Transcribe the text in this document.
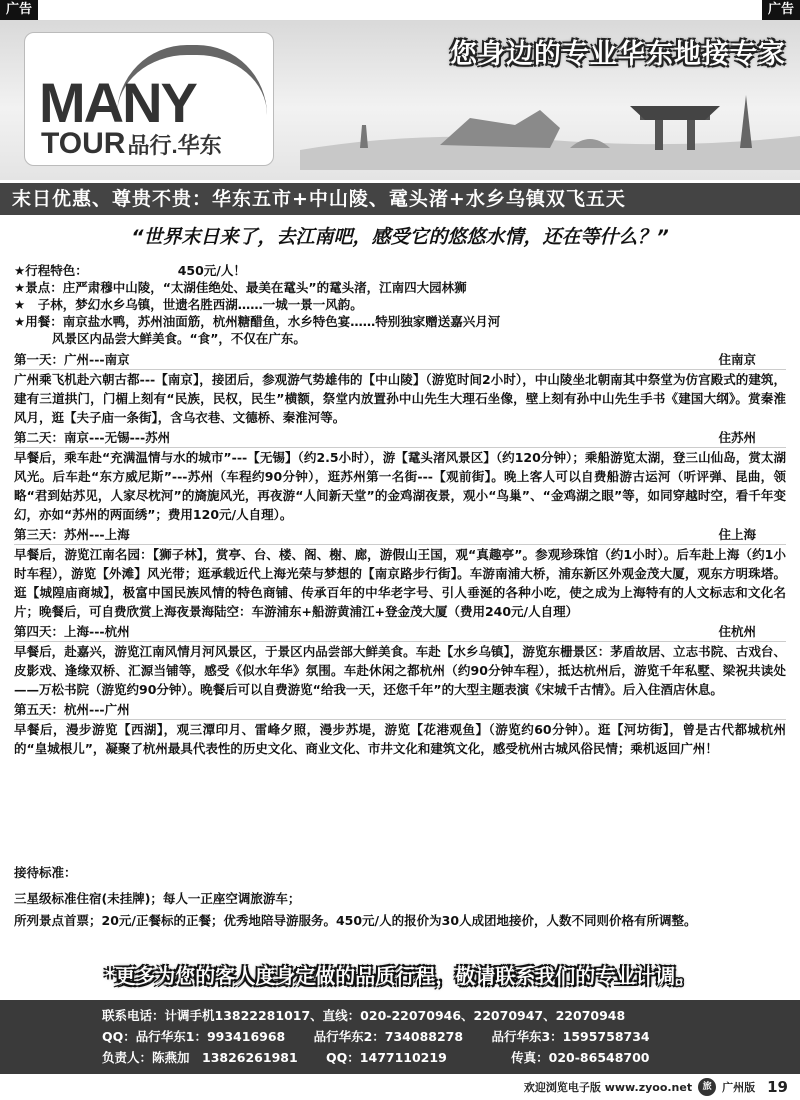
广告	广告
MANY
TOUR品行.华东
您身边的专业华东地接专家
末日优惠、尊贵不贵：华东五市+中山陵、鼋头渚+水乡乌镇双飞五天
“世界末日来了，去江南吧，感受它的悠悠水情，还在等什么？”
★行程特色：	450元/人！
★景点：庄严肃穆中山陵，“太湖佳绝处、最美在鼋头”的鼋头渚，江南四大园林狮
★　子林，梦幻水乡乌镇，世遗名胜西湖……一城一景一风韵。
★用餐：南京盐水鸭，苏州油面筋，杭州糖醋鱼，水乡特色宴……特别独家赠送嘉兴月河
风景区内品尝大鲜美食。“食”，不仅在广东。
第一天：广州---南京	住南京
广州乘飞机赴六朝古都---【南京】，接团后，参观游气势雄伟的【中山陵】（游览时间2小时），中山陵坐北朝南其中祭堂为仿宫殿式的建筑，建有三道拱门，门楣上刻有“民族，民权，民生”横额，祭堂内放置孙中山先生大理石坐像，壁上刻有孙中山先生手书《建国大纲》。赏秦淮风月，逛【夫子庙一条街】，含乌衣巷、文德桥、秦淮河等。
第二天：南京---无锡---苏州	住苏州
早餐后，乘车赴“充满温情与水的城市”---【无锡】（约2.5小时），游【鼋头渚风景区】（约120分钟）；乘船游览太湖，登三山仙岛，赏太湖风光。后车赴“东方威尼斯”---苏州（车程约90分钟），逛苏州第一名街---【观前街】。晚上客人可以自费船游古运河（听评弹、昆曲，领略“君到姑苏见，人家尽枕河”的旖旎风光，再夜游“人间新天堂”的金鸡湖夜景，观小“鸟巢”、“金鸡湖之眼”等，如同穿越时空，看千年变幻，亦如“苏州的两面绣”；费用120元/人自理）。
第三天：苏州---上海	住上海
早餐后，游览江南名园：【狮子林】，赏亭、台、楼、阁、榭、廊，游假山王国，观“真趣亭”。参观珍珠馆（约1小时）。后车赴上海（约1小时车程），游览【外滩】风光带；逛承载近代上海光荣与梦想的【南京路步行街】。车游南浦大桥，浦东新区外观金茂大厦，观东方明珠塔。逛【城隍庙商城】，极富中国民族风情的特色商铺、传承百年的中华老字号、引人垂涎的各种小吃，使之成为上海特有的人文标志和文化名片；晚餐后，可自费欣赏上海夜景海陆空：车游浦东+船游黄浦江+登金茂大厦（费用240元/人自理）
第四天：上海---杭州	住杭州
早餐后，赴嘉兴，游览江南风情月河风景区，于景区内品尝部大鲜美食。车赴【水乡乌镇】，游览东栅景区：茅盾故居、立志书院、古戏台、皮影戏、逢缘双桥、汇源当铺等，感受《似水年华》氛围。车赴休闲之都杭州（约90分钟车程），抵达杭州后，游览千年私墅、梁祝共读处——万松书院（游览约90分钟）。晚餐后可以自费游览“给我一天，还您千年”的大型主题表演《宋城千古情》。后入住酒店休息。
第五天：杭州---广州
早餐后，漫步游览【西湖】，观三潭印月、雷峰夕照，漫步苏堤，游览【花港观鱼】（游览约60分钟）。逛【河坊街】，曾是古代都城杭州的“皇城根儿”，凝聚了杭州最具代表性的历史文化、商业文化、市井文化和建筑文化，感受杭州古城风俗民情；乘机返回广州！
接待标准：
三星级标准住宿(未挂牌)；每人一正座空调旅游车；
所列景点首票；20元/正餐标的正餐；优秀地陪导游服务。450元/人的报价为30人成团地接价，人数不同则价格有所调整。
*更多为您的客人度身定做的品质行程，敬请联系我们的专业计调。
联系电话：计调手机13822281017、直线：020-22070946、22070947、22070948
QQ：品行华东1：993416968 品行华东2：734088278 品行华东3：1595758734
负责人：陈燕加　13826261981 QQ：1477110219	传真：020-86548700
欢迎浏览电子版 www.zyoo.net	旅 广州版 19
